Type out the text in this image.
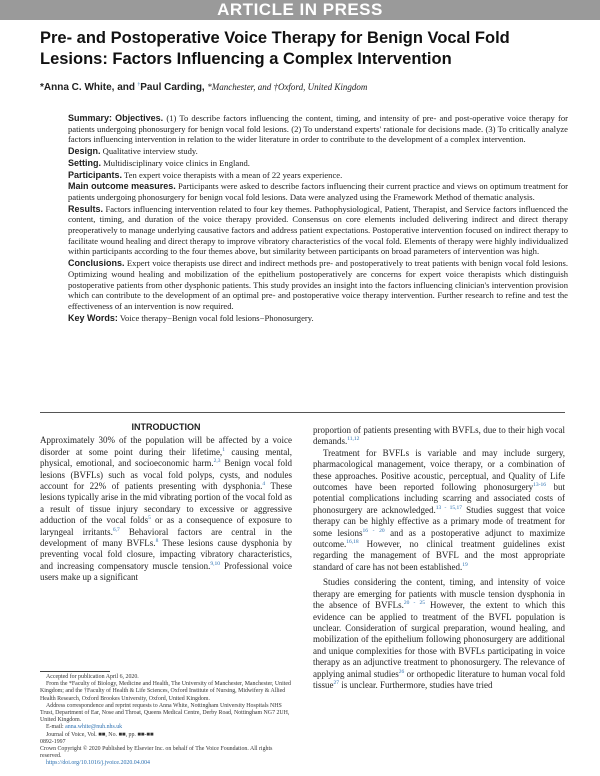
ARTICLE IN PRESS
Pre- and Postoperative Voice Therapy for Benign Vocal Fold Lesions: Factors Influencing a Complex Intervention
*Anna C. White, and †Paul Carding, *Manchester, and †Oxford, United Kingdom

Summary: Objectives. (1) To describe factors influencing the content, timing, and intensity of pre- and post-operative voice therapy for patients undergoing phonosurgery for benign vocal fold lesions. (2) To understand experts' rationale for decisions made. (3) To critically analyze factors influencing intervention in relation to the wider literature in order to contribute to the development of a complex intervention.

Design. Qualitative interview study.

Setting. Multidisciplinary voice clinics in England.

Participants. Ten expert voice therapists with a mean of 22 years experience.

Main outcome measures. Participants were asked to describe factors influencing their current practice and views on optimum treatment for patients undergoing phonosurgery for benign vocal fold lesions. Data were analyzed using the Framework Method of thematic analysis.

Results. Factors influencing intervention related to four key themes. Pathophysiological, Patient, Therapist, and Service factors influenced the content, timing, and duration of the voice therapy provided. Consensus on core elements included delivering indirect and direct therapy preoperatively to manage underlying causative factors and address patient expectations. Postoperative intervention focused on indirect therapy to facilitate wound healing and direct therapy to improve vibratory characteristics of the vocal fold. Elements of therapy were highly individualized within participants according to the four themes above, but similarity between participants on broad parameters of intervention was high.

Conclusions. Expert voice therapists use direct and indirect methods pre- and postoperatively to treat patients with benign vocal fold lesions. Optimizing wound healing and mobilization of the epithelium postoperatively are concerns for expert voice therapists which distinguish postoperative patients from other dysphonic patients. This study provides an insight into the factors influencing clinician's intervention provision which can contribute to the development of an optimal pre- and postoperative voice therapy intervention. Further research to refine and test the effectiveness of an intervention is now required.

Key Words: Voice therapy−Benign vocal fold lesions−Phonosurgery.

INTRODUCTION

Approximately 30% of the population will be affected by a voice disorder at some point during their lifetime,$^1$ causing mental, physical, emotional, and socioeconomic harm.$^{2,3}$ Benign vocal fold lesions (BVFLs) such as vocal fold polyps, cysts, and nodules account for 22% of patients presenting with dysphonia.$^4$ These lesions typically arise in the mid vibrating portion of the vocal fold as a result of tissue injury secondary to excessive or aggressive adduction of the vocal folds$^5$ or as a consequence of exposure to laryngeal irritants.$^{6,7}$ Behavioral factors are central in the development of many BVFLs.$^8$ These lesions cause dysphonia by preventing vocal fold closure, impacting vibratory characteristics, and increasing compensatory muscle tension.$^{9,10}$ Professional voice users make up a significant

proportion of patients presenting with BVFLs, due to their high vocal demands.$^{11,12}$

Treatment for BVFLs is variable and may include surgery, pharmacological management, voice therapy, or a combination of these approaches. Positive acoustic, perceptual, and Quality of Life outcomes have been reported following phonosurgery$^{13-16}$ but potential complications including scarring and associated costs of phonosurgery are acknowledged.$^{13 - 15,17}$ Studies suggest that voice therapy can be highly effective as a primary mode of treatment for some lesions$^{16 - 20}$ and as a postoperative adjunct to maximize outcome.$^{16,18}$ However, no clinical treatment guidelines exist regarding the management of BVFL and the most appropriate standard of care has not been established.$^{19}$

Studies considering the content, timing, and intensity of voice therapy are emerging for patients with muscle tension dysphonia in the absence of BVFLs.$^{20 - 25}$ However, the extent to which this evidence can be applied to treatment of the BVFL population is unclear. Consideration of surgical preparation, wound healing, and mobilization of the epithelium following phonosurgery are additional and unique complexities for those with BVFLs participating in voice therapy as an adjunctive treatment to phonosurgery. The relevance of applying animal studies$^{26}$ or orthopedic literature to human vocal fold tissue$^{27}$ is unclear. Furthermore, studies have tried

Accepted for publication April 6, 2020.

From the *Faculty of Biology, Medicine and Health, The University of Manchester, Manchester, United Kingdom; and the †Faculty of Health & Life Sciences, Oxford Institute of Nursing, Midwifery & Allied Health Research, Oxford Brookes University, Oxford, United Kingdom.

Address correspondence and reprint requests to Anna White, Nottingham University Hospitals NHS Trust, Department of Ear, Nose and Throat, Queens Medical Centre, Derby Road, Nottingham NG7 2UH, United Kingdom.

E-mail: anna.white@nuh.nhs.uk

Journal of Voice, Vol. ■■, No. ■■, pp. ■■-■■

0892-1997

Crown Copyright © 2020 Published by Elsevier Inc. on behalf of The Voice Foundation. All rights reserved.

https://doi.org/10.1016/j.jvoice.2020.04.004
